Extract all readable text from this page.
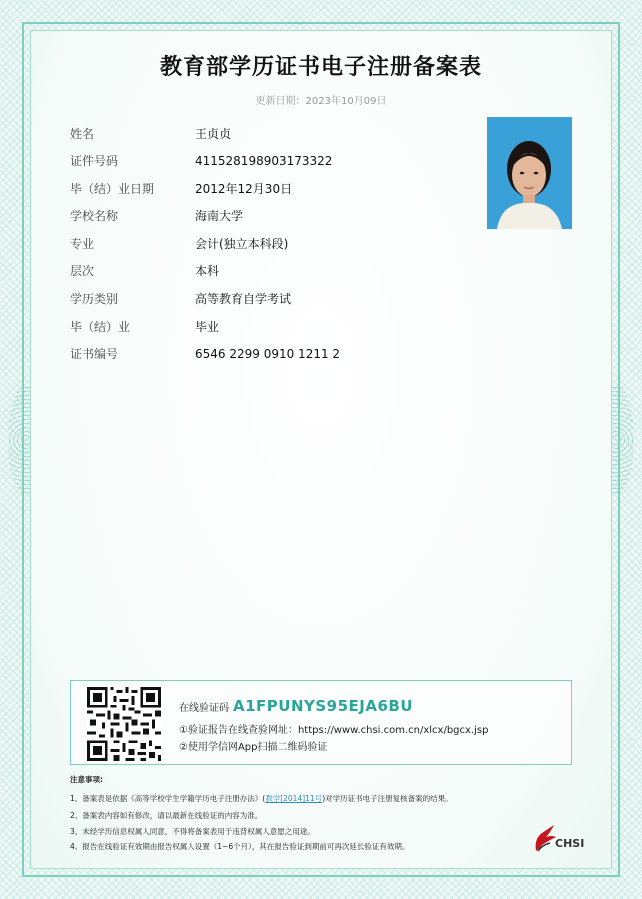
教育部学历证书电子注册备案表
更新日期：2023年10月09日
姓名	王贞贞
证件号码	411528198903173322
毕（结）业日期	2012年12月30日
学校名称	海南大学
专业	会计(独立本科段)
层次	本科
学历类别	高等教育自学考试
毕（结）业	毕业
证书编号	6546 2299 0910 1211 2
在线验证码 A1FPUNYS95EJA6BU
①验证报告在线查验网址：https://www.chsi.com.cn/xlcx/bgcx.jsp
②使用学信网App扫描二维码验证
注意事项:
1、备案表是依据《高等学校学生学籍学历电子注册办法》(教学[2014]11号)对学历证书电子注册复核备案的结果。
2、备案表内容如有修改，请以最新在线验证的内容为准。
3、未经学历信息权属人同意，不得将备案表用于违背权属人意愿之用途。
4、报告在线验证有效期由报告权属人设置（1~6个月），其在报告验证到期前可再次延长验证有效期。	CHSI
